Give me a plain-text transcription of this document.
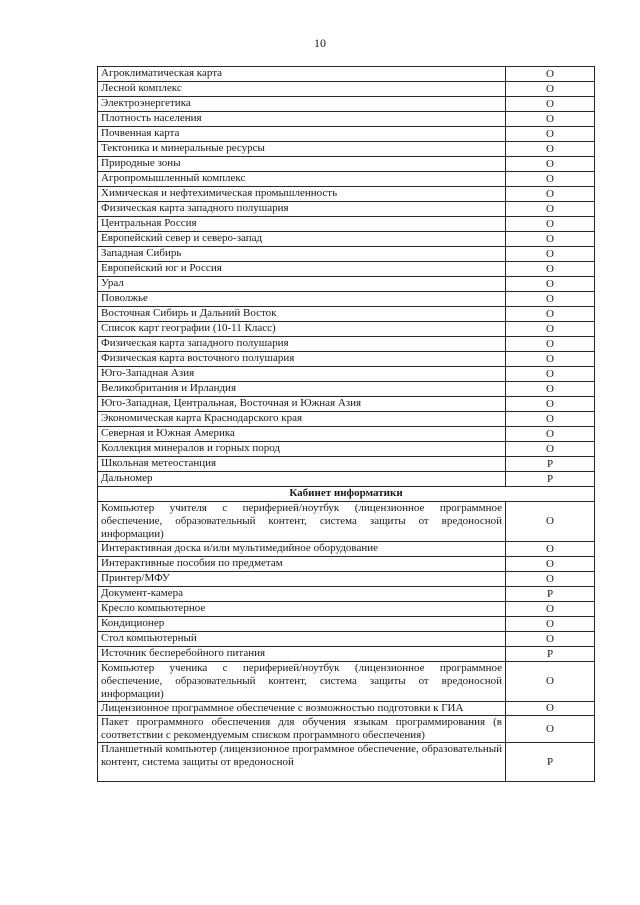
10
Агроклиматическая карта	О
Лесной комплекс	О
Электроэнергетика	О
Плотность населения	О
Почвенная карта	О
Тектоника и минеральные ресурсы	О
Природные зоны	О
Агропромышленный комплекс	О
Химическая и нефтехимическая промышленность	О
Физическая карта западного полушария	О
Центральная Россия	О
Европейский север и северо-запад	О
Западная Сибирь	О
Европейский юг и Россия	О
Урал	О
Поволжье	О
Восточная Сибирь и Дальний Восток	О
Список карт географии (10-11 Класс)	О
Физическая карта западного полушария	О
Физическая карта восточного полушария	О
Юго-Западная Азия	О
Великобритания и Ирландия	О
Юго-Западная, Центральная, Восточная и Южная Азия	О
Экономическая карта Краснодарского края	О
Северная и Южная Америка	О
Коллекция минералов и горных пород	О
Школьная метеостанция	Р
Дальномер	Р
Кабинет информатики	
Компьютер учителя с периферией/ноутбук (лицензионное программное обеспечение, образовательный контент, система защиты от вредоносной информации)	О
Интерактивная доска и/или мультимедийное оборудование	О
Интерактивные пособия по предметам	О
Принтер/МФУ	О
Документ-камера	Р
Кресло компьютерное	О
Кондиционер	О
Стол компьютерный	О
Источник бесперебойного питания	Р
Компьютер ученика с периферией/ноутбук (лицензионное программное обеспечение, образовательный контент, система защиты от вредоносной информации)	О
Лицензионное программное обеспечение с возможностью подготовки к ГИА	О
Пакет программного обеспечения для обучения языкам программирования (в соответствии с рекомендуемым списком программного обеспечения)	О
Планшетный компьютер (лицензионное программное обеспечение, образовательный контент, система защиты от вредоносной	Р
